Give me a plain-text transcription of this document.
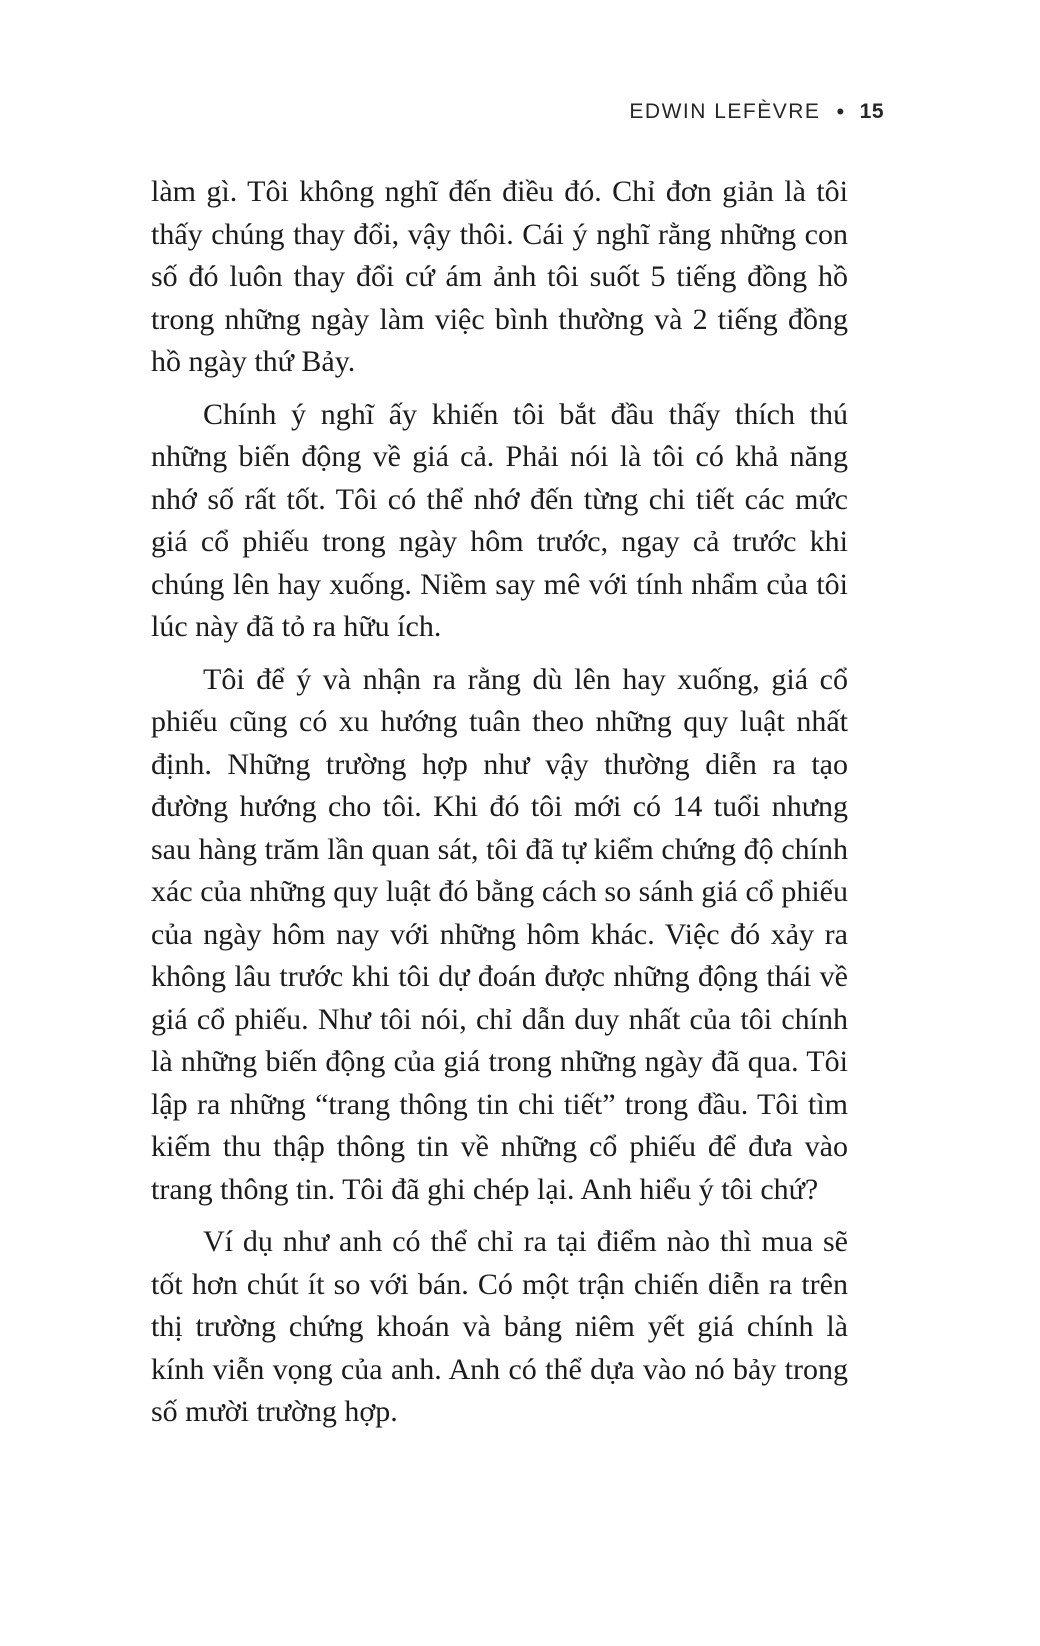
EDWIN LEFÈVRE • 15

làm gì. Tôi không nghĩ đến điều đó. Chỉ đơn giản là tôi thấy chúng thay đổi, vậy thôi. Cái ý nghĩ rằng những con số đó luôn thay đổi cứ ám ảnh tôi suốt 5 tiếng đồng hồ trong những ngày làm việc bình thường và 2 tiếng đồng hồ ngày thứ Bảy.

Chính ý nghĩ ấy khiến tôi bắt đầu thấy thích thú những biến động về giá cả. Phải nói là tôi có khả năng nhớ số rất tốt. Tôi có thể nhớ đến từng chi tiết các mức giá cổ phiếu trong ngày hôm trước, ngay cả trước khi chúng lên hay xuống. Niềm say mê với tính nhẩm của tôi lúc này đã tỏ ra hữu ích.

Tôi để ý và nhận ra rằng dù lên hay xuống, giá cổ phiếu cũng có xu hướng tuân theo những quy luật nhất định. Những trường hợp như vậy thường diễn ra tạo đường hướng cho tôi. Khi đó tôi mới có 14 tuổi nhưng sau hàng trăm lần quan sát, tôi đã tự kiểm chứng độ chính xác của những quy luật đó bằng cách so sánh giá cổ phiếu của ngày hôm nay với những hôm khác. Việc đó xảy ra không lâu trước khi tôi dự đoán được những động thái về giá cổ phiếu. Như tôi nói, chỉ dẫn duy nhất của tôi chính là những biến động của giá trong những ngày đã qua. Tôi lập ra những “trang thông tin chi tiết” trong đầu. Tôi tìm kiếm thu thập thông tin về những cổ phiếu để đưa vào trang thông tin. Tôi đã ghi chép lại. Anh hiểu ý tôi chứ?

Ví dụ như anh có thể chỉ ra tại điểm nào thì mua sẽ tốt hơn chút ít so với bán. Có một trận chiến diễn ra trên thị trường chứng khoán và bảng niêm yết giá chính là kính viễn vọng của anh. Anh có thể dựa vào nó bảy trong số mười trường hợp.
